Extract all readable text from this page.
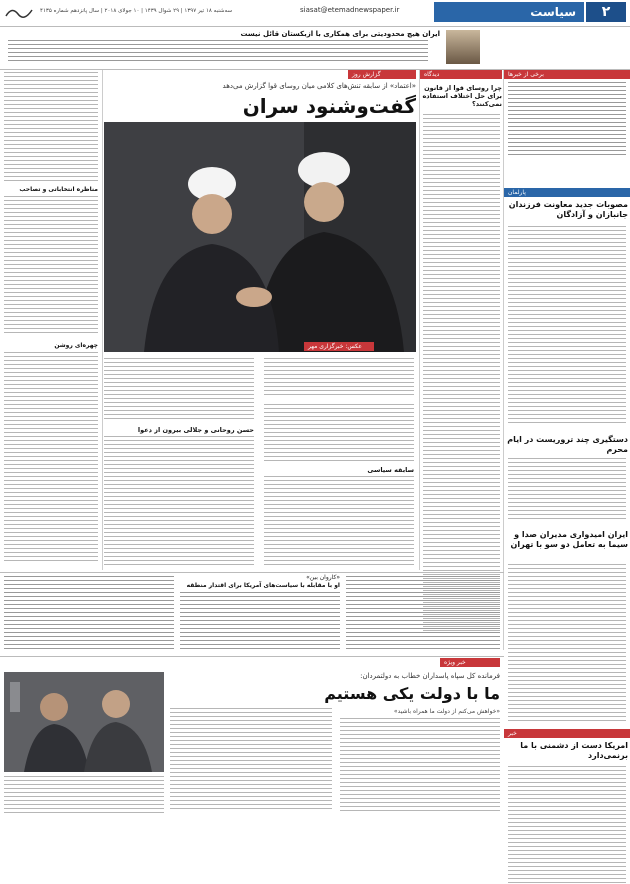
۲
سیاست
siasat@etemadnewspaper.ir
سه‌شنبه ۱۸ تیر ۱۳۹۷ | ۲۹ شوال ۱۴۳۹ | ۱۰ جولای ۲۰۱۸ | سال پانزدهم شماره ۴۱۳۵
ایران هیچ محدودیتی برای همکاری با ازبکستان قائل نیست
برخی از خبرها
پارلمان
مصوبات جدید معاونت فرزندان جانبازان و آزادگان
دستگیری چند تروریست در ایام محرم
ایران امیدواری مدیران صدا و سیما به تعامل دو سو با تهران
خبر
امریکا دست از دشمنی با ما برنمی‌دارد
دیدگاه
چرا روسای قوا از قانون برای حل اختلاف استفاده نمی‌کنند؟
گزارش روز
«اعتماد» از سابقه تنش‌های کلامی میان روسای قوا گزارش می‌دهد
گفت‌وشنود سران
عکس: خبرگزاری مهر
حسن روحانی و جلالی بیرون از دعوا
سابقه سیاسی
مناظره انتخاباتی و تصاحب
چهره‌ای روشن
«کاروان بین»
او با مقابله با سیاست‌های آمریکا برای اقتدار منطقه
خبر ویژه
فرمانده کل سپاه پاسداران خطاب به دولتمردان:
ما با دولت یکی هستیم
«خواهش می‌کنم از دولت ما همراه باشید»
